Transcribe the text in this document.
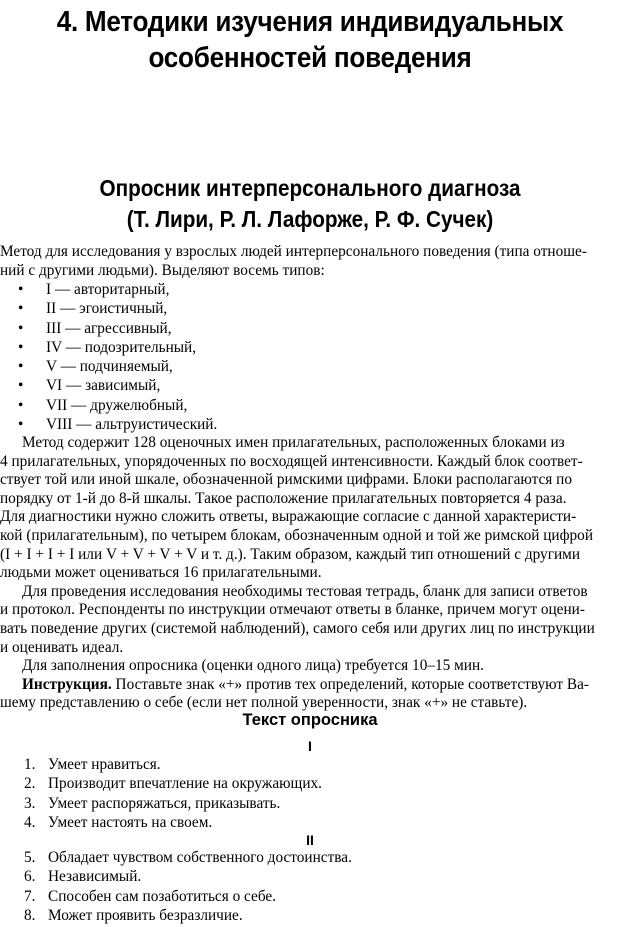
4. Методики изучения индивидуальных
особенностей поведения
Опросник интерперсонального диагноза
(Т. Лири, Р. Л. Лафорже, Р. Ф. Сучек)
Метод для исследования у взрослых людей интерперсонального поведения (типа отноше-
ний с другими людьми). Выделяют восемь типов:
• I — авторитарный,
• II — эгоистичный,
• III — агрессивный,
• IV — подозрительный,
• V — подчиняемый,
• VI — зависимый,
• VII — дружелюбный,
• VIII — альтруистический.
Метод содержит 128 оценочных имен прилагательных, расположенных блоками из
4 прилагательных, упорядоченных по восходящей интенсивности. Каждый блок соответ-
ствует той или иной шкале, обозначенной римскими цифрами. Блоки располагаются по
порядку от 1-й до 8-й шкалы. Такое расположение прилагательных повторяется 4 раза.
Для диагностики нужно сложить ответы, выражающие согласие с данной характеристи-
кой (прилагательным), по четырем блокам, обозначенным одной и той же римской цифрой
(I + I + I + I или V + V + V + V и т. д.). Таким образом, каждый тип отношений с другими
людьми может оцениваться 16 прилагательными.
Для проведения исследования необходимы тестовая тетрадь, бланк для записи ответов
и протокол. Респонденты по инструкции отмечают ответы в бланке, причем могут оцени-
вать поведение других (системой наблюдений), самого себя или других лиц по инструкции
и оценивать идеал.
Для заполнения опросника (оценки одного лица) требуется 10–15 мин.
Инструкция. Поставьте знак «+» против тех определений, которые соответствуют Ва-
шему представлению о себе (если нет полной уверенности, знак «+» не ставьте).
Текст опросника
I
1. Умеет нравиться.
2. Производит впечатление на окружающих.
3. Умеет распоряжаться, приказывать.
4. Умеет настоять на своем.
II
5. Обладает чувством собственного достоинства.
6. Независимый.
7. Способен сам позаботиться о себе.
8. Может проявить безразличие.
